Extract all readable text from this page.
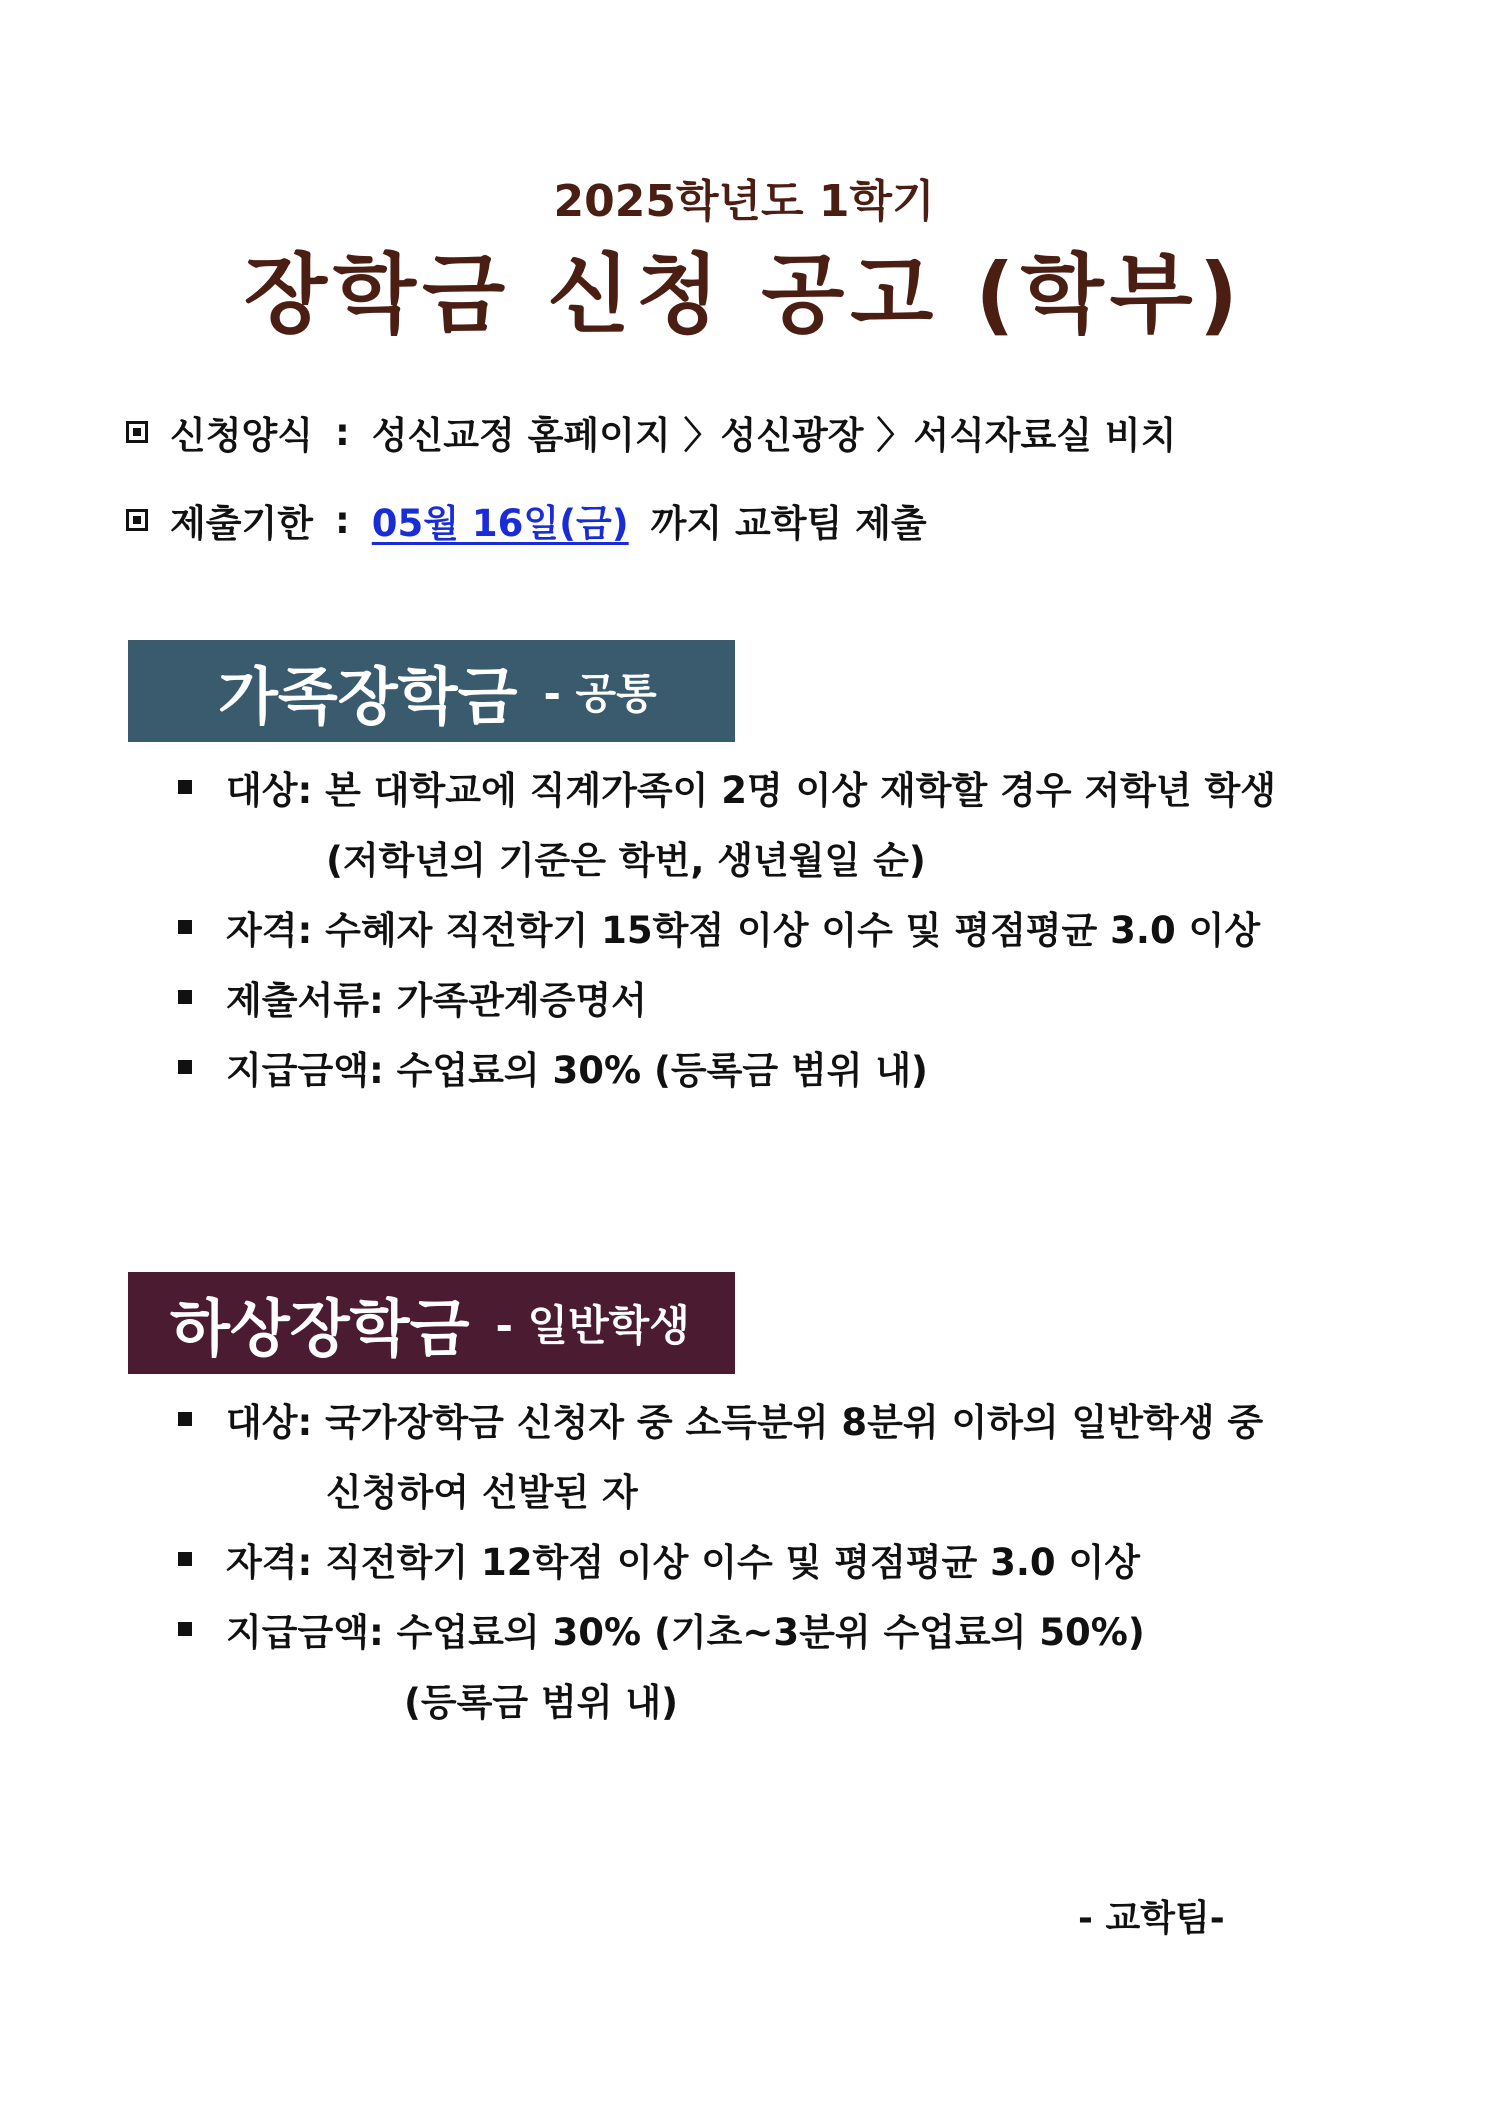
2025학년도 1학기
장학금 신청 공고 (학부)
신청양식 : 성신교정 홈페이지 〉성신광장 〉서식자료실 비치
제출기한 : 05월 16일(금) 까지 교학팀 제출
가족장학금 - 공통
대상: 본 대학교에 직계가족이 2명 이상 재학할 경우 저학년 학생
(저학년의 기준은 학번, 생년월일 순)
자격: 수혜자 직전학기 15학점 이상 이수 및 평점평균 3.0 이상
제출서류: 가족관계증명서
지급금액: 수업료의 30% (등록금 범위 내)
하상장학금 - 일반학생
대상: 국가장학금 신청자 중 소득분위 8분위 이하의 일반학생 중
신청하여 선발된 자
자격: 직전학기 12학점 이상 이수 및 평점평균 3.0 이상
지급금액: 수업료의 30% (기초~3분위 수업료의 50%)
(등록금 범위 내)
- 교학팀-
